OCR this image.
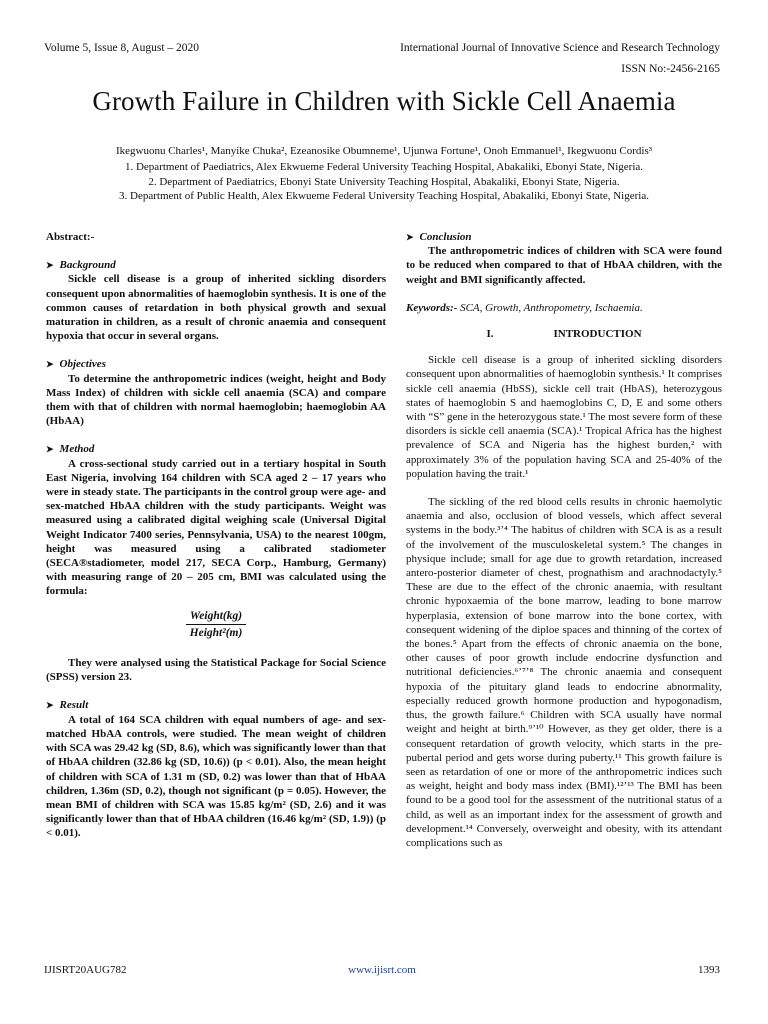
Volume 5, Issue 8, August – 2020	International Journal of Innovative Science and Research Technology
ISSN No:-2456-2165
Growth Failure in Children with Sickle Cell Anaemia
Ikegwuonu Charles¹, Manyike Chuka², Ezeanosike Obumneme¹, Ujunwa Fortune¹, Onoh Emmanuel¹, Ikegwuonu Cordis³
1. Department of Paediatrics, Alex Ekwueme Federal University Teaching Hospital, Abakaliki, Ebonyi State, Nigeria.
2. Department of Paediatrics, Ebonyi State University Teaching Hospital, Abakaliki, Ebonyi State, Nigeria.
3. Department of Public Health, Alex Ekwueme Federal University Teaching Hospital, Abakaliki, Ebonyi State, Nigeria.
Abstract:-
➤ Background

Sickle cell disease is a group of inherited sickling disorders consequent upon abnormalities of haemoglobin synthesis. It is one of the common causes of retardation in both physical growth and sexual maturation in children, as a result of chronic anaemia and consequent hypoxia that occur in several organs.

➤ Objectives

To determine the anthropometric indices (weight, height and Body Mass Index) of children with sickle cell anaemia (SCA) and compare them with that of children with normal haemoglobin; haemoglobin AA (HbAA)

➤ Method

A cross-sectional study carried out in a tertiary hospital in South East Nigeria, involving 164 children with SCA aged 2 – 17 years who were in steady state. The participants in the control group were age- and sex-matched HbAA children with the study participants. Weight was measured using a calibrated digital weighing scale (Universal Digital Weight Indicator 7400 series, Pennsylvania, USA) to the nearest 100gm, height was measured using a calibrated stadiometer (SECA®stadiometer, model 217, SECA Corp., Hamburg, Germany) with measuring range of 20 – 205 cm, BMI was calculated using the formula:

$\frac{\text{Weight(kg)}}{\text{Height²(m)}}$

They were analysed using the Statistical Package for Social Science (SPSS) version 23.

➤ Result

A total of 164 SCA children with equal numbers of age- and sex-matched HbAA controls, were studied. The mean weight of children with SCA was 29.42 kg (SD, 8.6), which was significantly lower than that of HbAA children (32.86 kg (SD, 10.6)) (p < 0.01). Also, the mean height of children with SCA of 1.31 m (SD, 0.2) was lower than that of HbAA children, 1.36m (SD, 0.2), though not significant (p = 0.05). However, the mean BMI of children with SCA was 15.85 kg/m² (SD, 2.6) and it was significantly lower than that of HbAA children (16.46 kg/m² (SD, 1.9)) (p < 0.01).

➤ Conclusion

The anthropometric indices of children with SCA were found to be reduced when compared to that of HbAA children, with the weight and BMI significantly affected.

Keywords:- SCA, Growth, Anthropometry, Ischaemia.

I.	INTRODUCTION

Sickle cell disease is a group of inherited sickling disorders consequent upon abnormalities of haemoglobin synthesis.¹ It comprises sickle cell anaemia (HbSS), sickle cell trait (HbAS), heterozygous states of haemoglobin S and haemoglobins C, D, E and some others with “S” gene in the heterozygous state.¹ The most severe form of these disorders is sickle cell anaemia (SCA).¹ Tropical Africa has the highest prevalence of SCA and Nigeria has the highest burden,² with approximately 3% of the population having SCA and 25-40% of the population having the trait.¹

The sickling of the red blood cells results in chronic haemolytic anaemia and also, occlusion of blood vessels, which affect several systems in the body.³ʼ⁴ The habitus of children with SCA is as a result of the involvement of the musculoskeletal system.⁵ The changes in physique include; small for age due to growth retardation, increased antero-posterior diameter of chest, prognathism and arachnodactyly.⁵ These are due to the effect of the chronic anaemia, with resultant chronic hypoxaemia of the bone marrow, leading to bone marrow hyperplasia, extension of bone marrow into the bone cortex, with consequent widening of the diploe spaces and thinning of the cortex of the bones.⁵ Apart from the effects of chronic anaemia on the bone, other causes of poor growth include endocrine dysfunction and nutritional deficiencies.⁶ʼ⁷ʼ⁸ The chronic anaemia and consequent hypoxia of the pituitary gland leads to endocrine abnormality, especially reduced growth hormone production and hypogonadism, thus, the growth failure.⁶ Children with SCA usually have normal weight and height at birth.⁹ʼ¹⁰ However, as they get older, there is a consequent retardation of growth velocity, which starts in the pre-pubertal period and gets worse during puberty.¹¹ This growth failure is seen as retardation of one or more of the anthropometric indices such as weight, height and body mass index (BMI).¹²ʼ¹³ The BMI has been found to be a good tool for the assessment of the nutritional status of a child, as well as an important index for the assessment of growth and development.¹⁴ Conversely, overweight and obesity, with its attendant complications such as

IJISRT20AUG782	www.ijisrt.com	1393
